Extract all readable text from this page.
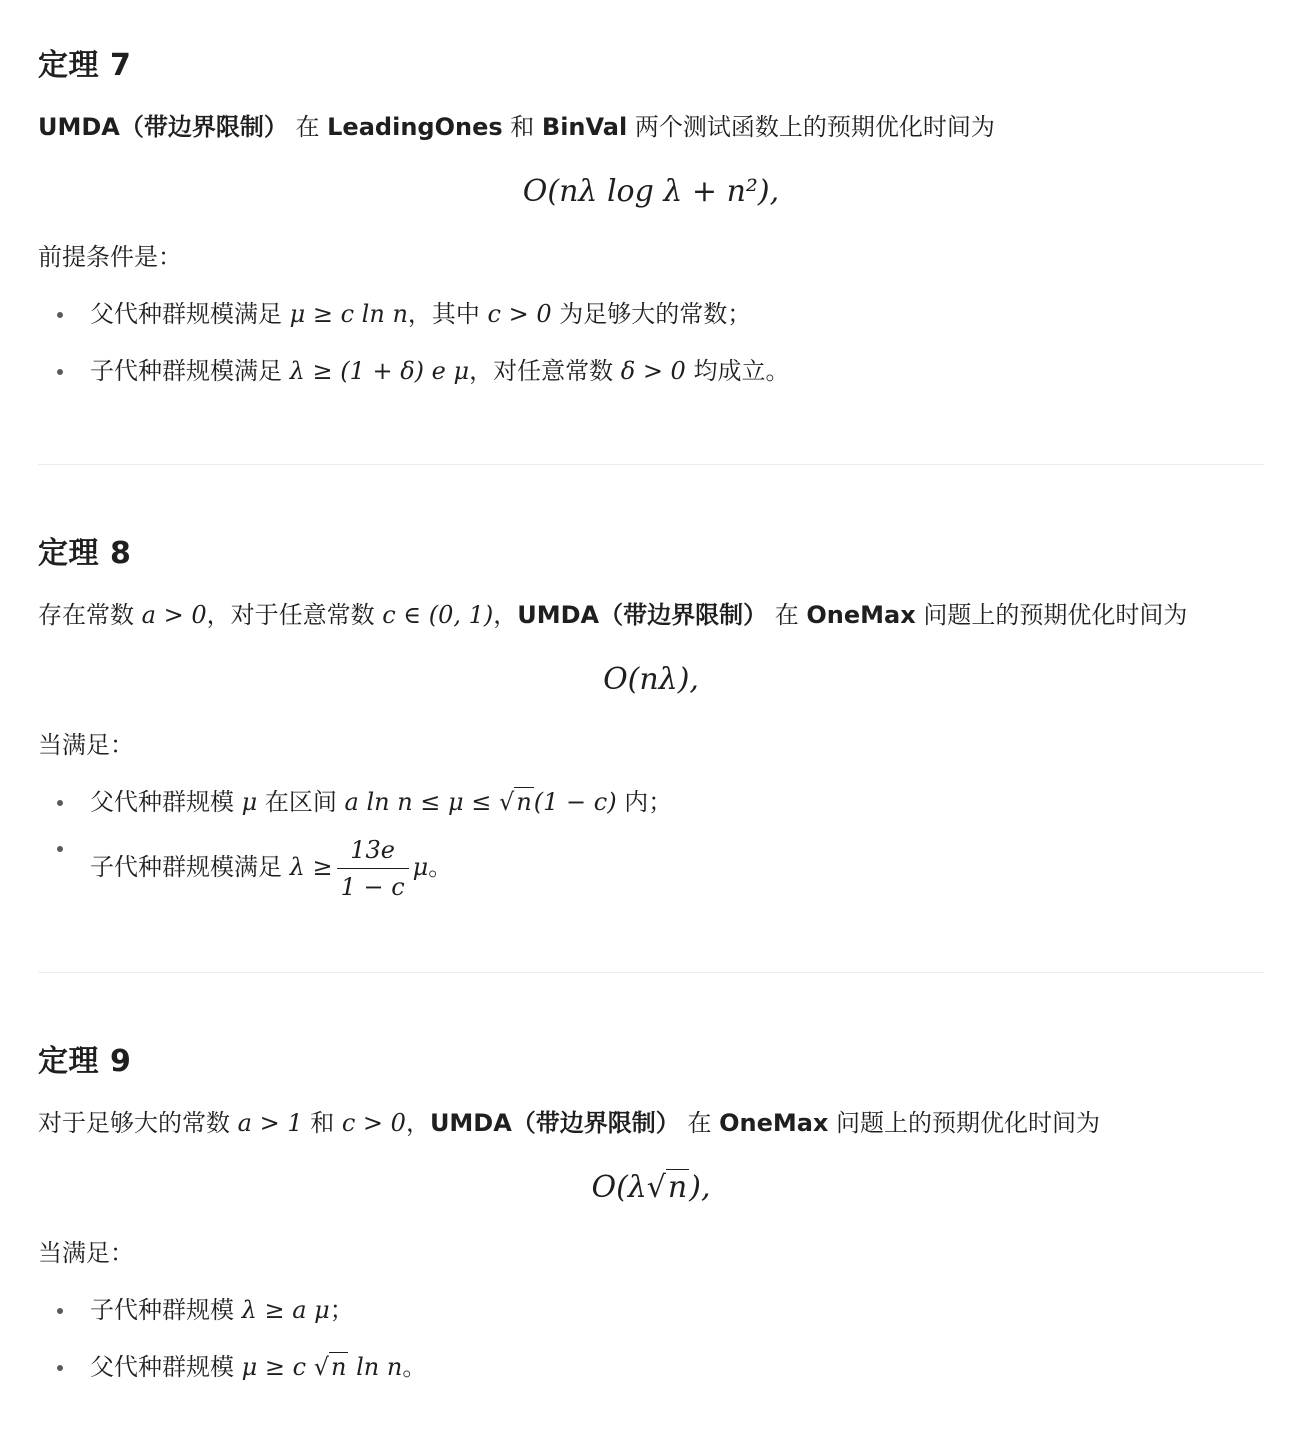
定理 7

UMDA（带边界限制） 在 LeadingOnes 和 BinVal 两个测试函数上的预期优化时间为

O(nλ log λ + n²),

前提条件是：

父代种群规模满足 μ ≥ c ln n，其中 c > 0 为足够大的常数；
子代种群规模满足 λ ≥ (1 + δ) e μ，对任意常数 δ > 0 均成立。
定理 8

存在常数 a > 0，对于任意常数 c ∈ (0, 1)，UMDA（带边界限制） 在 OneMax 问题上的预期优化时间为

O(nλ),

当满足：

父代种群规模 μ 在区间 a ln n ≤ μ ≤ √n(1 − c) 内；
子代种群规模满足 $\lambda \ge \frac{13e}{1 - c}$ μ。
定理 9

对于足够大的常数 a > 1 和 c > 0，UMDA（带边界限制） 在 OneMax 问题上的预期优化时间为

O(λ√n),

当满足：

子代种群规模 λ ≥ a μ；
父代种群规模 μ ≥ c √n ln n。
